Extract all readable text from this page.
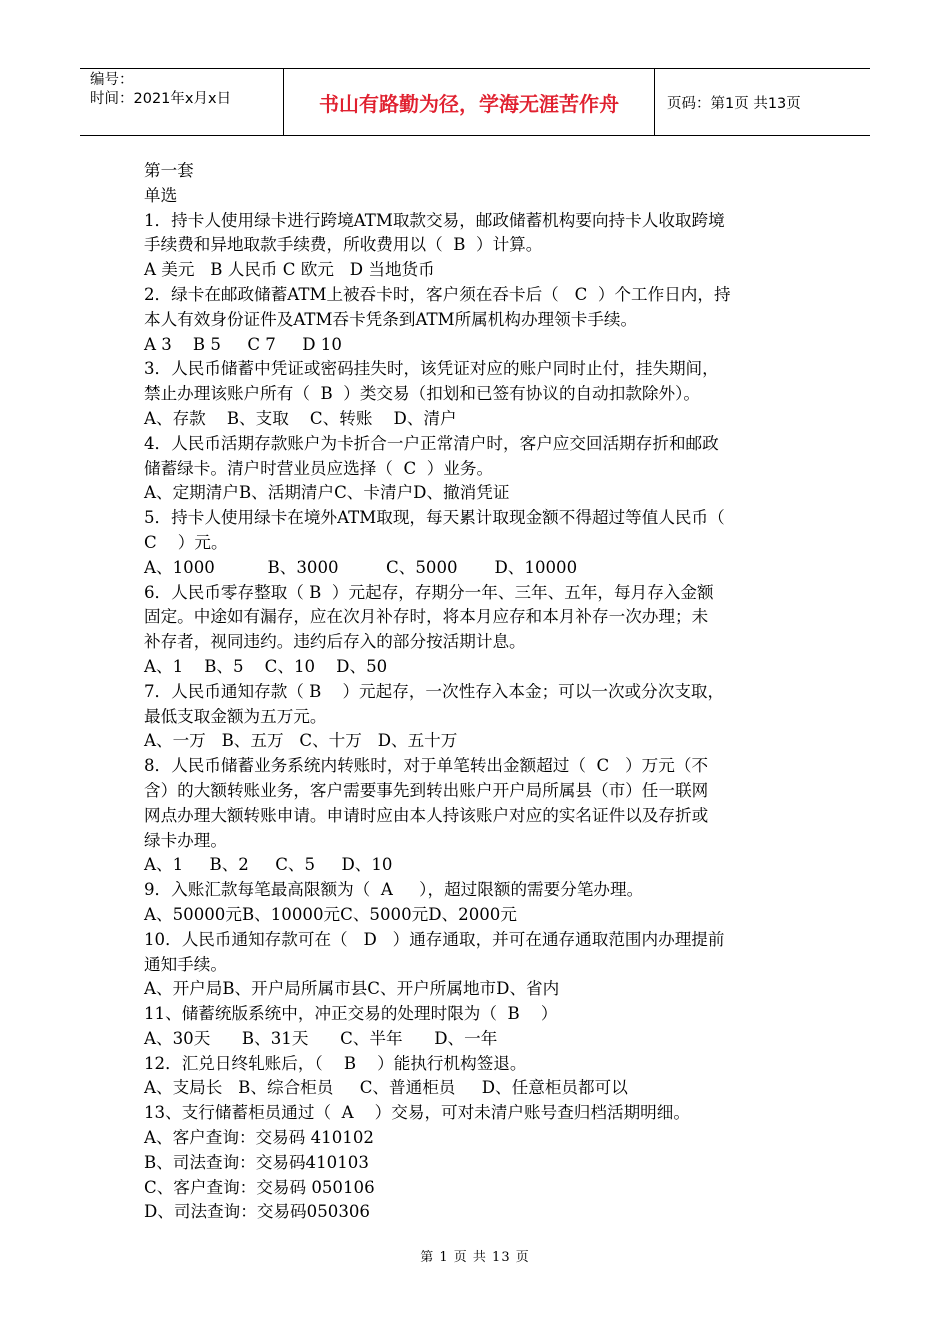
编号：
时间：2021年x月x日	书山有路勤为径，学海无涯苦作舟	页码：第1页 共13页
第一套
单选
1．持卡人使用绿卡进行跨境ATM取款交易，邮政储蓄机构要向持卡人收取跨境
手续费和异地取款手续费，所收费用以（  B  ）计算。
A 美元   B 人民币 C 欧元   D 当地货币
2．绿卡在邮政储蓄ATM上被吞卡时，客户须在吞卡后（   C  ）个工作日内，持
本人有效身份证件及ATM吞卡凭条到ATM所属机构办理领卡手续。
A 3    B 5     C 7     D 10
3．人民币储蓄中凭证或密码挂失时，该凭证对应的账户同时止付，挂失期间，
禁止办理该账户所有（  B  ）类交易（扣划和已签有协议的自动扣款除外）。
A、存款    B、支取    C、转账    D、清户
4．人民币活期存款账户为卡折合一户正常清户时，客户应交回活期存折和邮政
储蓄绿卡。清户时营业员应选择（  C  ）业务。
A、定期清户B、活期清户C、卡清户D、撤消凭证
5．持卡人使用绿卡在境外ATM取现，每天累计取现金额不得超过等值人民币（
C    ）元。
A、1000          B、3000         C、5000       D、10000
6．人民币零存整取（ B  ）元起存，存期分一年、三年、五年，每月存入金额
固定。中途如有漏存，应在次月补存时，将本月应存和本月补存一次办理；未
补存者，视同违约。违约后存入的部分按活期计息。
A、1    B、5    C、10    D、50
7．人民币通知存款（ B    ）元起存，一次性存入本金；可以一次或分次支取，
最低支取金额为五万元。
A、一万   B、五万   C、十万   D、五十万
8．人民币储蓄业务系统内转账时，对于单笔转出金额超过（  C   ）万元（不
含）的大额转账业务，客户需要事先到转出账户开户局所属县（市）任一联网
网点办理大额转账申请。申请时应由本人持该账户对应的实名证件以及存折或
绿卡办理。
A、1     B、2     C、5     D、10
9．入账汇款每笔最高限额为（  A     ），超过限额的需要分笔办理。
A、50000元B、10000元C、5000元D、2000元
10．人民币通知存款可在（   D   ）通存通取，并可在通存通取范围内办理提前
通知手续。
A、开户局B、开户局所属市县C、开户所属地市D、省内
11、储蓄统版系统中，冲正交易的处理时限为（  B    ）
A、30天      B、31天      C、半年      D、一年
12．汇兑日终轧账后，（    B    ）能执行机构签退。
A、支局长   B、综合柜员     C、普通柜员     D、任意柜员都可以
13、支行储蓄柜员通过（  A    ）交易，可对未清户账号查归档活期明细。
A、客户查询：交易码 410102
B、司法查询：交易码410103
C、客户查询：交易码 050106
D、司法查询：交易码050306
第 1 页 共 13 页
